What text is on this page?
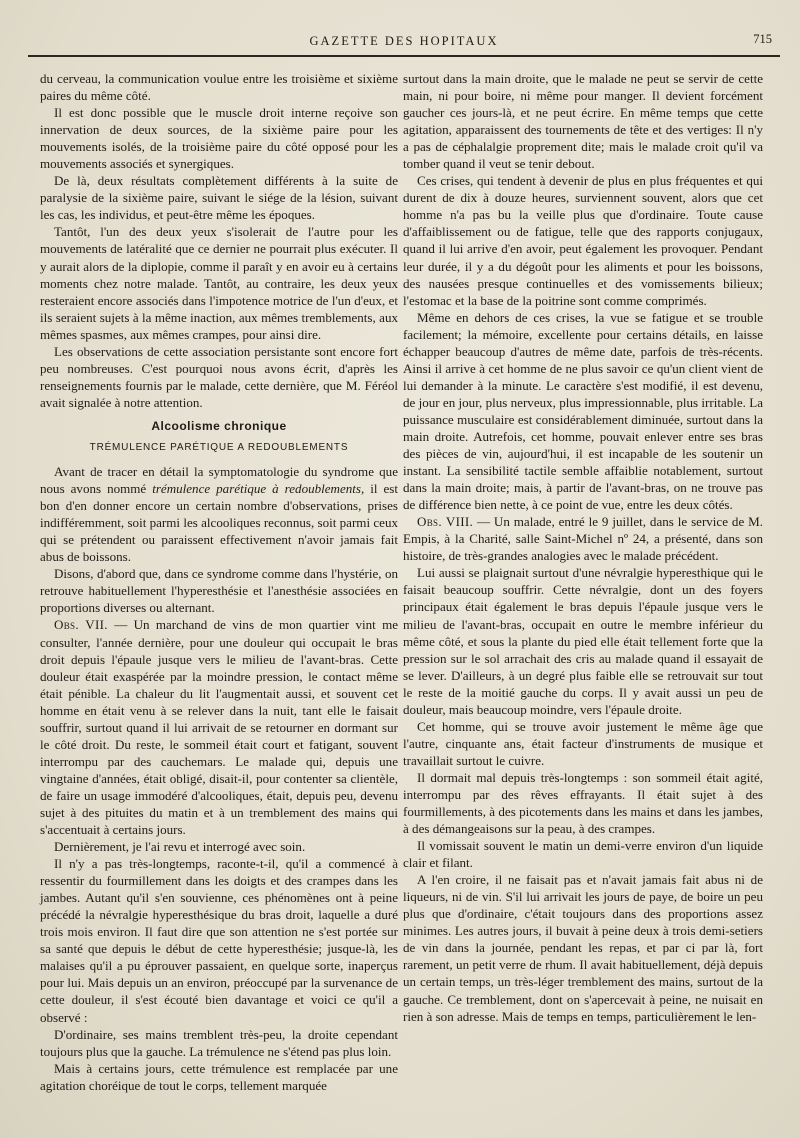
GAZETTE DES HOPITAUX	715

du cerveau, la communication voulue entre les troisième et sixième paires du même côté.

Il est donc possible que le muscle droit interne reçoive son innervation de deux sources, de la sixième paire pour les mouvements isolés, de la troisième paire du côté opposé pour les mouvements associés et synergiques.

De là, deux résultats complètement différents à la suite de paralysie de la sixième paire, suivant le siége de la lésion, suivant les cas, les individus, et peut-être même les époques.

Tantôt, l'un des deux yeux s'isolerait de l'autre pour les mouvements de latéralité que ce dernier ne pourrait plus exécuter. Il y aurait alors de la diplopie, comme il paraît y en avoir eu à certains moments chez notre malade. Tantôt, au contraire, les deux yeux resteraient encore associés dans l'impotence motrice de l'un d'eux, et ils seraient sujets à la même inaction, aux mêmes tremblements, aux mêmes spasmes, aux mêmes crampes, pour ainsi dire.

Les observations de cette association persistante sont encore fort peu nombreuses. C'est pourquoi nous avons écrit, d'après les renseignements fournis par le malade, cette dernière, que M. Féréol avait signalée à notre attention.

Alcoolisme chronique
TRÉMULENCE PARÉTIQUE A REDOUBLEMENTS

Avant de tracer en détail la symptomatologie du syndrome que nous avons nommé trémulence parétique à redoublements, il est bon d'en donner encore un certain nombre d'observations, prises indifféremment, soit parmi les alcooliques reconnus, soit parmi ceux qui se prétendent ou paraissent effectivement n'avoir jamais fait abus de boissons.

Disons, d'abord que, dans ce syndrome comme dans l'hystérie, on retrouve habituellement l'hyperesthésie et l'anesthésie associées en proportions diverses ou alternant.

Obs. VII. — Un marchand de vins de mon quartier vint me consulter, l'année dernière, pour une douleur qui occupait le bras droit depuis l'épaule jusque vers le milieu de l'avant-bras. Cette douleur était exaspérée par la moindre pression, le contact même était pénible. La chaleur du lit l'augmentait aussi, et souvent cet homme en était venu à se relever dans la nuit, tant elle le faisait souffrir, surtout quand il lui arrivait de se retourner en dormant sur le côté droit. Du reste, le sommeil était court et fatigant, souvent interrompu par des cauchemars. Le malade qui, depuis une vingtaine d'années, était obligé, disait-il, pour contenter sa clientèle, de faire un usage immodéré d'alcooliques, était, depuis peu, devenu sujet à des pituites du matin et à un tremblement des mains qui s'accentuait à certains jours.

Dernièrement, je l'ai revu et interrogé avec soin.

Il n'y a pas très-longtemps, raconte-t-il, qu'il a commencé à ressentir du fourmillement dans les doigts et des crampes dans les jambes. Autant qu'il s'en souvienne, ces phénomènes ont à peine précédé la névralgie hyperesthésique du bras droit, laquelle a duré trois mois environ. Il faut dire que son attention ne s'est portée sur sa santé que depuis le début de cette hyperesthésie; jusque-là, les malaises qu'il a pu éprouver passaient, en quelque sorte, inaperçus pour lui. Mais depuis un an environ, préoccupé par la survenance de cette douleur, il s'est écouté bien davantage et voici ce qu'il a observé :

D'ordinaire, ses mains tremblent très-peu, la droite cependant toujours plus que la gauche. La trémulence ne s'étend pas plus loin.

Mais à certains jours, cette trémulence est remplacée par une agitation choréique de tout le corps, tellement marquée

surtout dans la main droite, que le malade ne peut se servir de cette main, ni pour boire, ni même pour manger. Il devient forcément gaucher ces jours-là, et ne peut écrire. En même temps que cette agitation, apparaissent des tournements de tête et des vertiges: Il n'y a pas de céphalalgie proprement dite; mais le malade croit qu'il va tomber quand il veut se tenir debout.

Ces crises, qui tendent à devenir de plus en plus fréquentes et qui durent de dix à douze heures, surviennent souvent, alors que cet homme n'a pas bu la veille plus que d'ordinaire. Toute cause d'affaiblissement ou de fatigue, telle que des rapports conjugaux, quand il lui arrive d'en avoir, peut également les provoquer. Pendant leur durée, il y a du dégoût pour les aliments et pour les boissons, des nausées presque continuelles et des vomissements bilieux; l'estomac et la base de la poitrine sont comme comprimés.

Même en dehors de ces crises, la vue se fatigue et se trouble facilement; la mémoire, excellente pour certains détails, en laisse échapper beaucoup d'autres de même date, parfois de très-récents. Ainsi il arrive à cet homme de ne plus savoir ce qu'un client vient de lui demander à la minute. Le caractère s'est modifié, il est devenu, de jour en jour, plus nerveux, plus impressionnable, plus irritable. La puissance musculaire est considérablement diminuée, surtout dans la main droite. Autrefois, cet homme, pouvait enlever entre ses bras des pièces de vin, aujourd'hui, il est incapable de les soutenir un instant. La sensibilité tactile semble affaiblie notablement, surtout dans la main droite; mais, à partir de l'avant-bras, on ne trouve pas de différence bien nette, à ce point de vue, entre les deux côtés.

Obs. VIII. — Un malade, entré le 9 juillet, dans le service de M. Empis, à la Charité, salle Saint-Michel nº 24, a présenté, dans son histoire, de très-grandes analogies avec le malade précédent.

Lui aussi se plaignait surtout d'une névralgie hyperesthique qui le faisait beaucoup souffrir. Cette névralgie, dont un des foyers principaux était également le bras depuis l'épaule jusque vers le milieu de l'avant-bras, occupait en outre le membre inférieur du même côté, et sous la plante du pied elle était tellement forte que la pression sur le sol arrachait des cris au malade quand il essayait de se lever. D'ailleurs, à un degré plus faible elle se retrouvait sur tout le reste de la moitié gauche du corps. Il y avait aussi un peu de douleur, mais beaucoup moindre, vers l'épaule droite.

Cet homme, qui se trouve avoir justement le même âge que l'autre, cinquante ans, était facteur d'instruments de musique et travaillait surtout le cuivre.

Il dormait mal depuis très-longtemps : son sommeil était agité, interrompu par des rêves effrayants. Il était sujet à des fourmillements, à des picotements dans les mains et dans les jambes, à des démangeaisons sur la peau, à des crampes.

Il vomissait souvent le matin un demi-verre environ d'un liquide clair et filant.

A l'en croire, il ne faisait pas et n'avait jamais fait abus ni de liqueurs, ni de vin. S'il lui arrivait les jours de paye, de boire un peu plus que d'ordinaire, c'était toujours dans des proportions assez minimes. Les autres jours, il buvait à peine deux à trois demi-setiers de vin dans la journée, pendant les repas, et par ci par là, fort rarement, un petit verre de rhum. Il avait habituellement, déjà depuis un certain temps, un très-léger tremblement des mains, surtout de la gauche. Ce tremblement, dont on s'apercevait à peine, ne nuisait en rien à son adresse. Mais de temps en temps, particulièrement le len-
